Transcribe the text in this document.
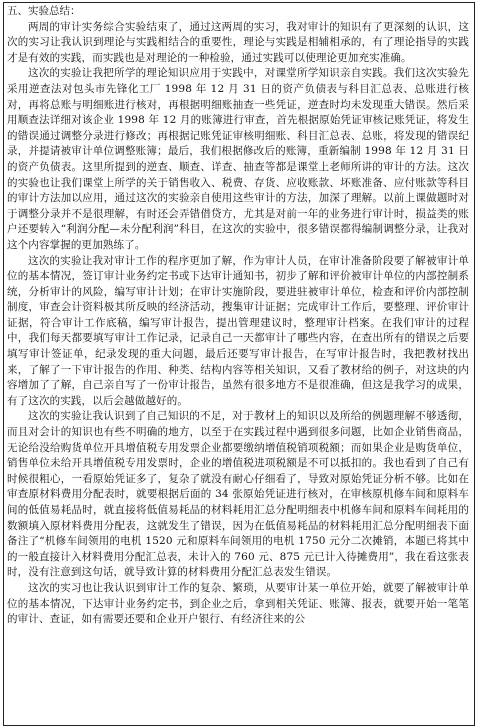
五、实验总结：

两周的审计实务综合实验结束了，通过这两周的实习，我对审计的知识有了更深刻的认识，这次的实习让我认识到理论与实践相结合的重要性，理论与实践是相辅相承的，有了理论指导的实践才是有效的实践，而实践也是对理论的一种检验，通过实践可以使理论更加充实准确。

这次的实验让我把所学的理论知识应用于实践中，对课堂所学知识亲自实践。我们这次实验先采用逆查法对包头市先锋化工厂 1998 年 12 月 31 日的资产负债表与科目汇总表、总账进行核对，再将总账与明细账进行核对，再根据明细账抽查一些凭证，逆查时均未发现重大错误。然后采用顺查法详细对该企业 1998 年 12 月的账簿进行审查，首先根据原始凭证审核记账凭证，将发生的错误通过调整分录进行修改；再根据记账凭证审核明细账、科目汇总表、总账，将发现的错误纪录，并提请被审计单位调整账簿；最后，我们根据修改后的账簿，重新编制 1998 年 12 月 31 日的资产负债表。这里所提到的逆查、顺查、详查、抽查等都是课堂上老师所讲的审计的方法。这次的实验也让我们课堂上所学的关于销售收入、税费、存货、应收账款、坏账准备、应付账款等科目的审计方法加以应用，通过这次的实验亲自使用这些审计的方法，加深了理解。以前上课做题时对于调整分录并不是很理解，有时还会弄错借贷方，尤其是对前一年的业务进行审计时，损益类的账户还要转入“利润分配—未分配利润”科目，在这次的实验中，很多错误都得编制调整分录，让我对这个内容掌握的更加熟练了。

这次的实验让我对审计工作的程序更加了解，作为审计人员，在审计准备阶段要了解被审计单位的基本情况，签订审计业务约定书或下达审计通知书，初步了解和评价被审计单位的内部控制系统，分析审计的风险，编写审计计划；在审计实施阶段，要进驻被审计单位，检查和评价内部控制制度，审查会计资料极其所反映的经济活动，搜集审计证据；完成审计工作后，要整理、评价审计证据，符合审计工作底稿，编写审计报告，提出管理建议时，整理审计档案。在我们审计的过程中，我们每天都要填写审计工作记录，记录自己一天都审计了哪些内容，在查出所有的错误之后要填写审计签证单，纪录发现的重大问题，最后还要写审计报告，在写审计报告时，我把教材找出来，了解了一下审计报告的作用、种类、结构内容等相关知识，又看了教材给的例子，对这块的内容增加了了解，自己亲自写了一份审计报告，虽然有很多地方不是很准确，但这是我学习的成果，有了这次的实践，以后会越做越好的。

这次的实验让我认识到了自己知识的不足，对于教材上的知识以及所给的例题理解不够透彻，而且对会计的知识也有些不明确的地方，以至于在实践过程中遇到很多问题，比如企业销售商品，无论给没给购货单位开具增值税专用发票企业都要缴纳增值税销项税额；而如果企业是购货单位，销售单位未给开具增值税专用发票时，企业的增值税进项税额是不可以抵扣的。我也看到了自己有时候很粗心，一看原始凭证多了，复杂了就没有耐心仔细看了，导致对原始凭证分析不够。比如在审查原材料费用分配表时，就要根据后面的 34 张原始凭证进行核对，在审核原机修车间和原料车间的低值易耗品时，就直接将低值易耗品的材料耗用汇总分配明细表中机修车间和原料车间耗用的数额填入原材料费用分配表，这就发生了错误，因为在低值易耗品的材料耗用汇总分配明细表下面备注了“机修车间领用的电机 1520 元和原料车间领用的电机 1750 元分二次摊销，本题已将其中的一般直接计入材料费用分配汇总表，未计入的 760 元、875 元已计入待摊费用”，我在看这张表时，没有注意到这句话，就导致计算的材料费用分配汇总表发生错误。

这次的实习也让我认识到审计工作的复杂、繁琐，从要审计某一单位开始，就要了解被审计单位的基本情况，下达审计业务约定书，到企业之后，拿到相关凭证、账簿、报表，就要开始一笔笔的审计、查证，如有需要还要和企业开户银行、有经济往来的公
